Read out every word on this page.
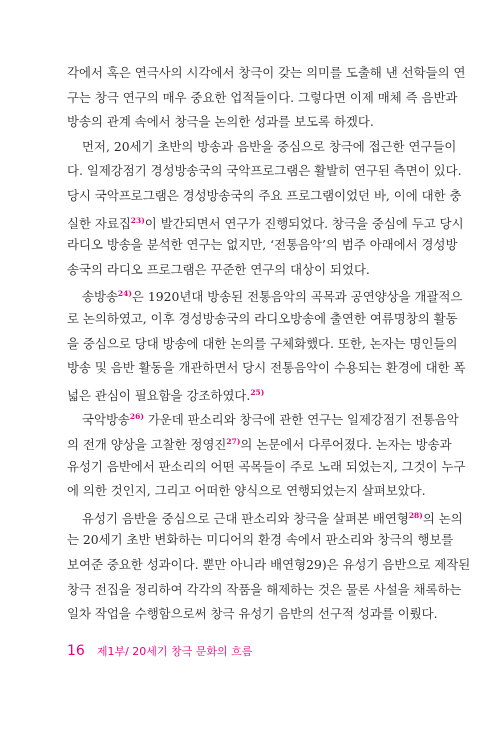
각에서 혹은 연극사의 시각에서 창극이 갖는 의미를 도출해 낸 선학들의 연

구는 창극 연구의 매우 중요한 업적들이다. 그렇다면 이제 매체 즉 음반과

방송의 관계 속에서 창극을 논의한 성과를 보도록 하겠다.

먼저, 20세기 초반의 방송과 음반을 중심으로 창극에 접근한 연구들이

다. 일제강점기 경성방송국의 국악프로그램은 활발히 연구된 측면이 있다.

당시 국악프로그램은 경성방송국의 주요 프로그램이었던 바, 이에 대한 충

실한 자료집$^{23)}$이 발간되면서 연구가 진행되었다. 창극을 중심에 두고 당시

라디오 방송을 분석한 연구는 없지만, ‘전통음악’의 범주 아래에서 경성방

송국의 라디오 프로그램은 꾸준한 연구의 대상이 되었다.

송방송$^{24)}$은 1920년대 방송된 전통음악의 곡목과 공연양상을 개괄적으

로 논의하였고, 이후 경성방송국의 라디오방송에 출연한 여류명창의 활동

을 중심으로 당대 방송에 대한 논의를 구체화했다. 또한, 논자는 명인들의

방송 및 음반 활동을 개관하면서 당시 전통음악이 수용되는 환경에 대한 폭

넓은 관심이 필요함을 강조하였다.$^{25)}$

국악방송$^{26)}$ 가운데 판소리와 창극에 관한 연구는 일제강점기 전통음악

의 전개 양상을 고찰한 정영진$^{27)}$의 논문에서 다루어졌다. 논자는 방송과

유성기 음반에서 판소리의 어떤 곡목들이 주로 노래 되었는지, 그것이 누구

에 의한 것인지, 그리고 어떠한 양식으로 연행되었는지 살펴보았다.

유성기 음반을 중심으로 근대 판소리와 창극을 살펴본 배연형$^{28)}$의 논의

는 20세기 초반 변화하는 미디어의 환경 속에서 판소리와 창극의 행보를

보여준 중요한 성과이다. 뿐만 아니라 배연형29)은 유성기 음반으로 제작된

16 제1부/ 20세기 창극 문화의 흐름

창극 전집을 정리하여 각각의 작품을 해제하는 것은 물론 사설을 채록하는

일차 작업을 수행함으로써 창극 유성기 음반의 선구적 성과를 이뤘다.
